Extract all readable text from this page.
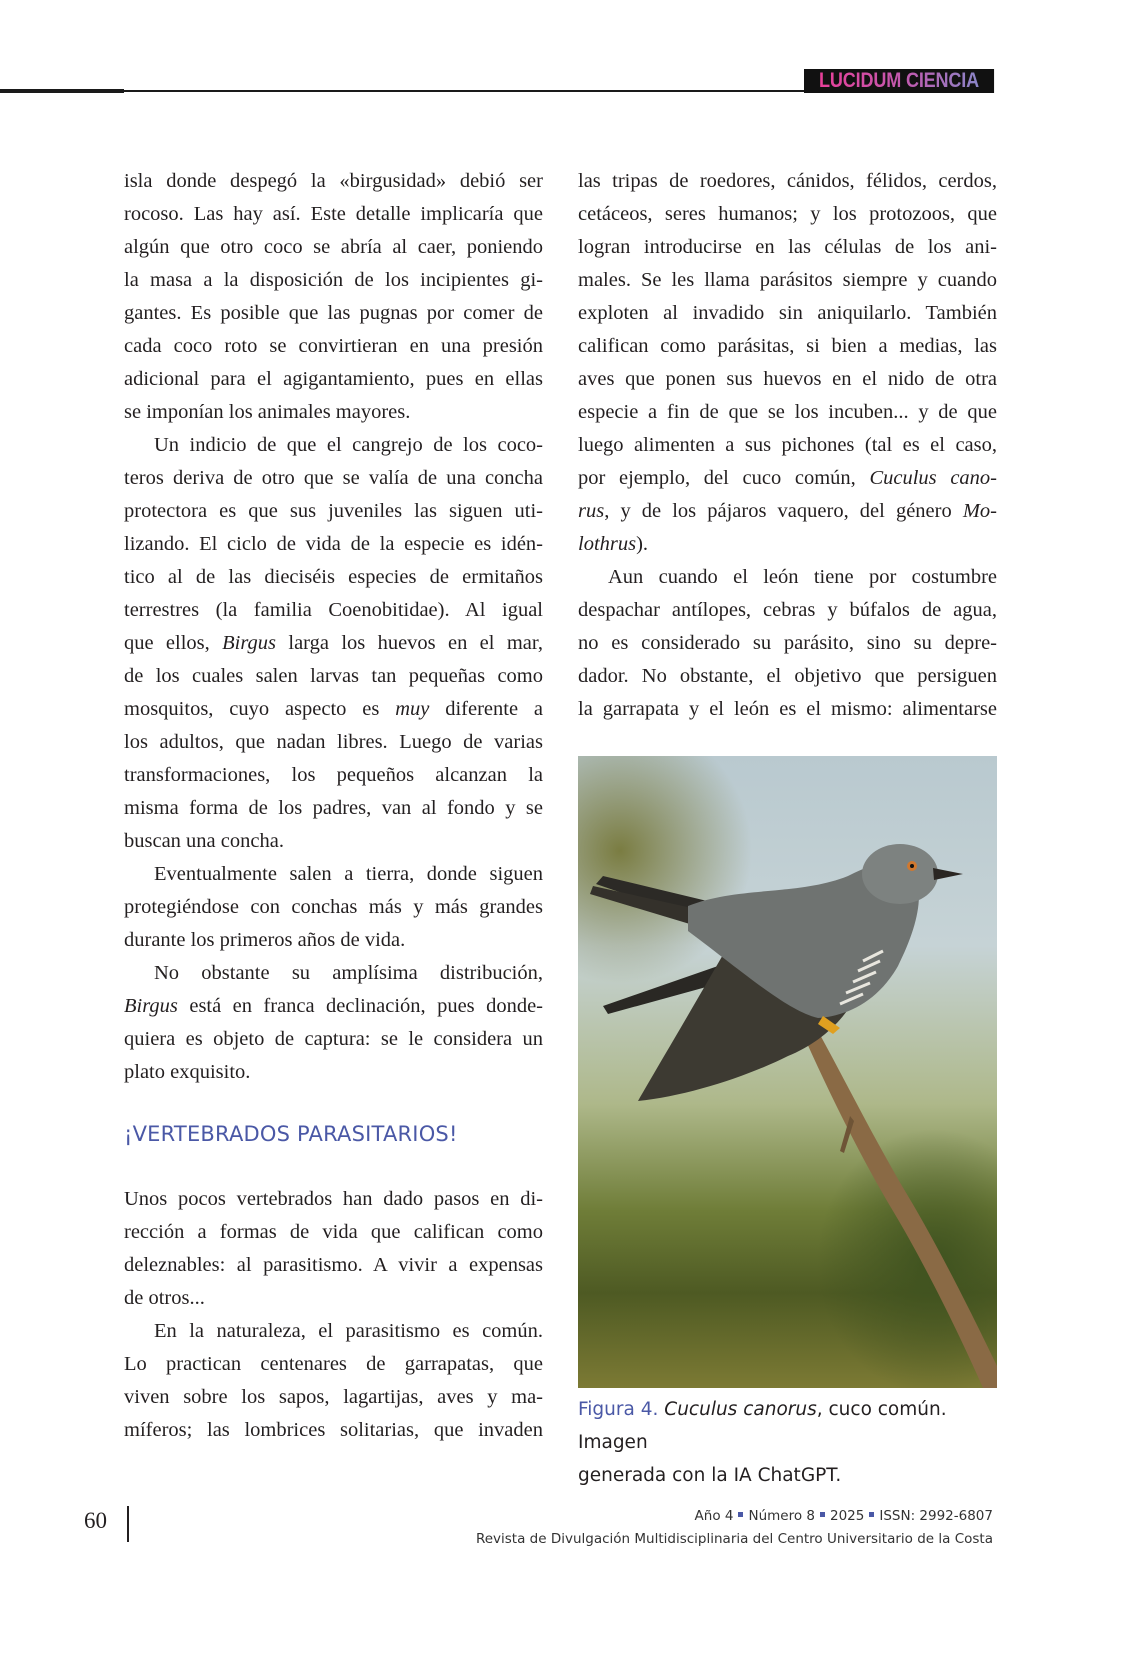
LUCIDUM CIENCIA
isla donde despegó la «birgusidad» debió ser
rocoso. Las hay así. Este detalle implicaría que
algún que otro coco se abría al caer, poniendo
la masa a la disposición de los incipientes gi-
gantes. Es posible que las pugnas por comer de
cada coco roto se convirtieran en una presión
adicional para el agigantamiento, pues en ellas
se imponían los animales mayores.
Un indicio de que el cangrejo de los coco-
teros deriva de otro que se valía de una concha
protectora es que sus juveniles las siguen uti-
lizando. El ciclo de vida de la especie es idén-
tico al de las dieciséis especies de ermitaños
terrestres (la familia Coenobitidae). Al igual
que ellos, Birgus larga los huevos en el mar,
de los cuales salen larvas tan pequeñas como
mosquitos, cuyo aspecto es muy diferente a
los adultos, que nadan libres. Luego de varias
transformaciones, los pequeños alcanzan la
misma forma de los padres, van al fondo y se
buscan una concha.
Eventualmente salen a tierra, donde siguen
protegiéndose con conchas más y más grandes
durante los primeros años de vida.
No obstante su amplísima distribución,
Birgus está en franca declinación, pues donde-
quiera es objeto de captura: se le considera un
plato exquisito.
¡VERTEBRADOS PARASITARIOS!
Unos pocos vertebrados han dado pasos en di-
rección a formas de vida que califican como
deleznables: al parasitismo. A vivir a expensas
de otros...
En la naturaleza, el parasitismo es común.
Lo practican centenares de garrapatas, que
viven sobre los sapos, lagartijas, aves y ma-
míferos; las lombrices solitarias, que invaden
las tripas de roedores, cánidos, félidos, cerdos,
cetáceos, seres humanos; y los protozoos, que
logran introducirse en las células de los ani-
males. Se les llama parásitos siempre y cuando
exploten al invadido sin aniquilarlo. También
califican como parásitas, si bien a medias, las
aves que ponen sus huevos en el nido de otra
especie a fin de que se los incuben... y de que
luego alimenten a sus pichones (tal es el caso,
por ejemplo, del cuco común, Cuculus cano-
rus, y de los pájaros vaquero, del género Mo-
lothrus).
Aun cuando el león tiene por costumbre
despachar antílopes, cebras y búfalos de agua,
no es considerado su parásito, sino su depre-
dador. No obstante, el objetivo que persiguen
la garrapata y el león es el mismo: alimentarse
Figura 4. Cuculus canorus, cuco común. Imagen
generada con la IA ChatGPT.
60	Año 4 Número 8 2025 ISSN: 2992-6807
Revista de Divulgación Multidisciplinaria del Centro Universitario de la Costa
